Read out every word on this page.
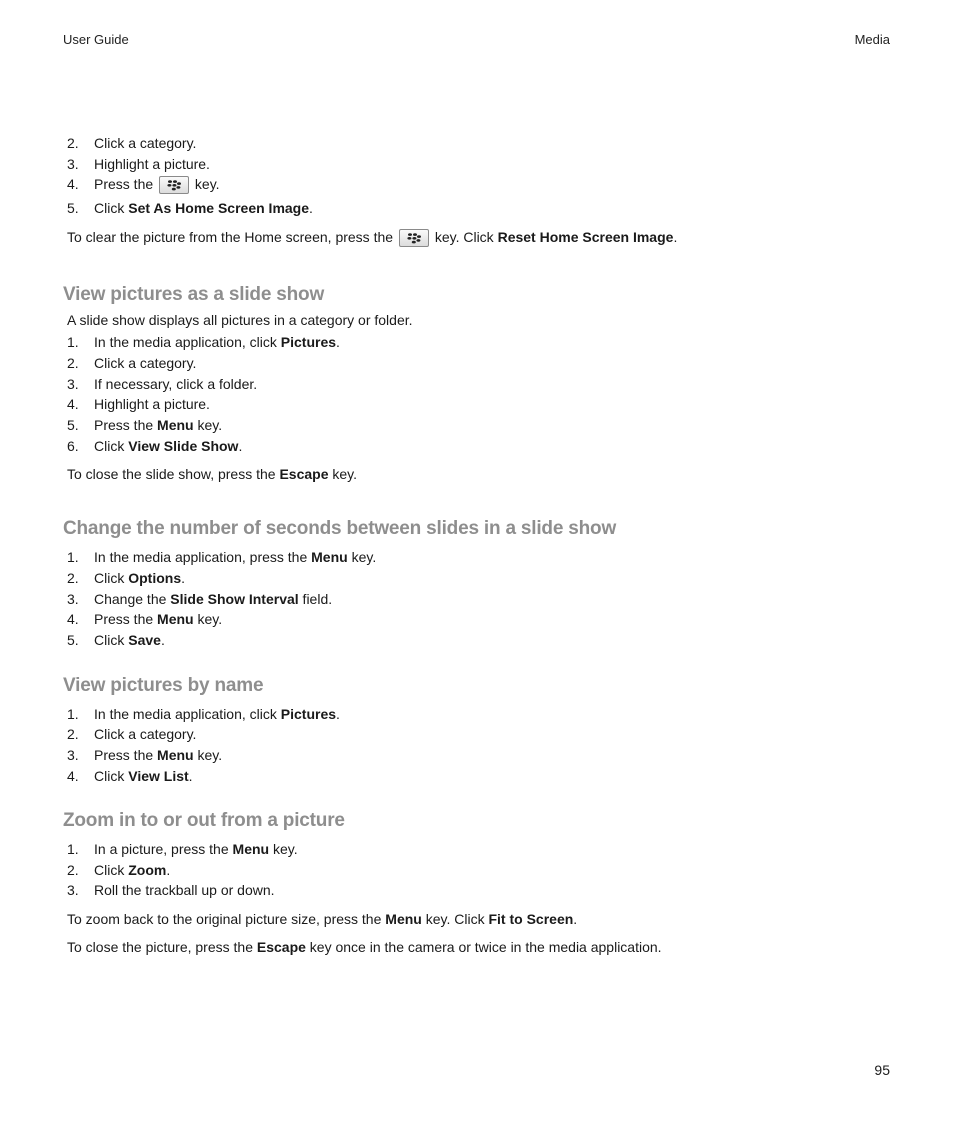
User Guide	Media
2. Click a category.
3. Highlight a picture.
4. Press the	key.
5. Click Set As Home Screen Image.
To clear the picture from the Home screen, press the	key. Click Reset Home Screen Image.
View pictures as a slide show
A slide show displays all pictures in a category or folder.
1. In the media application, click Pictures.
2. Click a category.
3. If necessary, click a folder.
4. Highlight a picture.
5. Press the Menu key.
6. Click View Slide Show.
To close the slide show, press the Escape key.
Change the number of seconds between slides in a slide show
1. In the media application, press the Menu key.
2. Click Options.
3. Change the Slide Show Interval field.
4. Press the Menu key.
5. Click Save.
View pictures by name
1. In the media application, click Pictures.
2. Click a category.
3. Press the Menu key.
4. Click View List.
Zoom in to or out from a picture
1. In a picture, press the Menu key.
2. Click Zoom.
3. Roll the trackball up or down.
To zoom back to the original picture size, press the Menu key. Click Fit to Screen.
To close the picture, press the Escape key once in the camera or twice in the media application.
95
